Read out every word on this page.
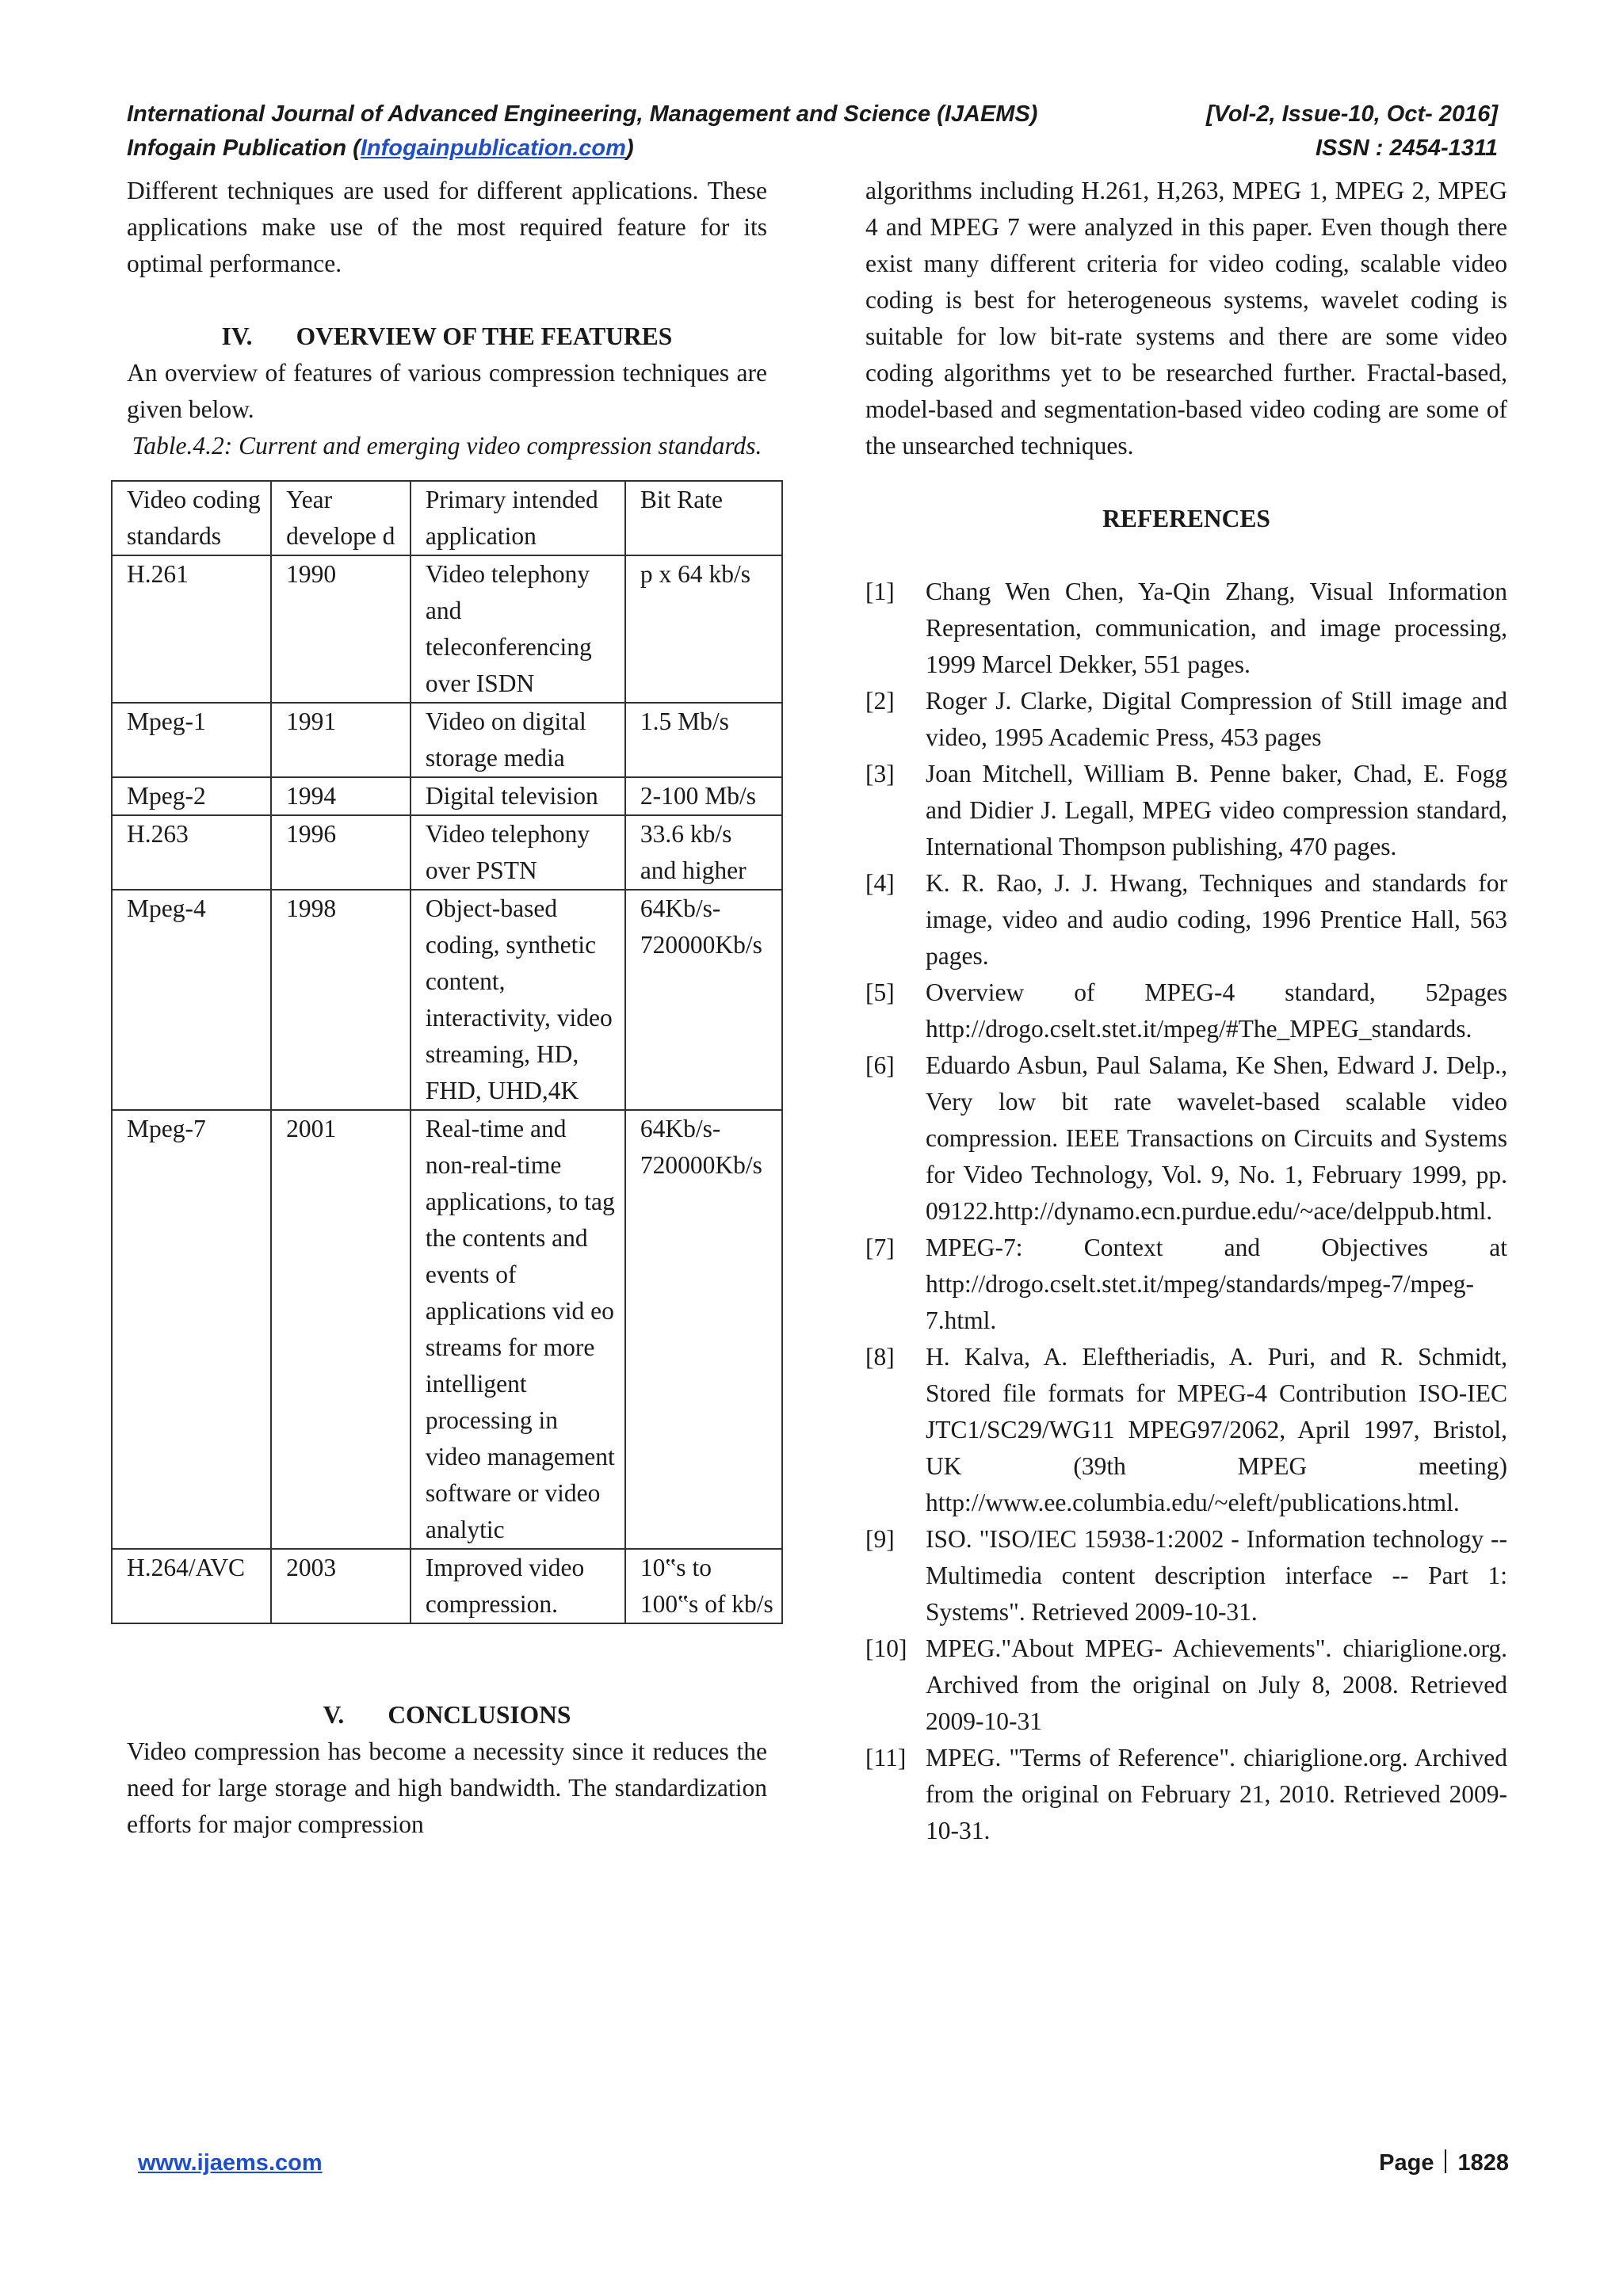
International Journal of Advanced Engineering, Management and Science (IJAEMS)	[Vol-2, Issue-10, Oct- 2016]
Infogain Publication (Infogainpublication.com)	ISSN : 2454-1311

Different techniques are used for different applications. These applications make use of the most required feature for its optimal performance.

IV.       OVERVIEW OF THE FEATURES

An overview of features of various compression techniques are given below.

Table.4.2: Current and emerging video compression standards.

Video coding standards	Year develope d	Primary intended application	Bit Rate
H.261	1990	Video telephony and teleconferencing over ISDN	p x 64 kb/s
Mpeg-1	1991	Video on digital storage media	1.5 Mb/s
Mpeg-2	1994	Digital television	2-100 Mb/s
H.263	1996	Video telephony over PSTN	33.6 kb/s and higher
Mpeg-4	1998	Object-based coding, synthetic content, interactivity, video streaming, HD, FHD, UHD,4K	64Kb/s-720000Kb/s
Mpeg-7	2001	Real-time and non-real-time applications, to tag the contents and events of applications vid eo streams for more intelligent processing in video management software or video analytic	64Kb/s-720000Kb/s
H.264/AVC	2003	Improved video compression.	10‟s to 100‟s of kb/s

V.       CONCLUSIONS

Video compression has become a necessity since it reduces the need for large storage and high bandwidth. The standardization efforts for major compression

algorithms including H.261, H,263, MPEG 1, MPEG 2, MPEG 4 and MPEG 7 were analyzed in this paper. Even though there exist many different criteria for video coding, scalable video coding is best for heterogeneous systems, wavelet coding is suitable for low bit-rate systems and there are some video coding algorithms yet to be researched further. Fractal-based, model-based and segmentation-based video coding are some of the unsearched techniques.

REFERENCES

[1] Chang Wen Chen, Ya-Qin Zhang, Visual Information Representation, communication, and image processing, 1999 Marcel Dekker, 551 pages.
[2] Roger J. Clarke, Digital Compression of Still image and video, 1995 Academic Press, 453 pages
[3] Joan Mitchell, William B. Penne baker, Chad, E. Fogg and Didier J. Legall, MPEG video compression standard, International Thompson publishing, 470 pages.
[4] K. R. Rao, J. J. Hwang, Techniques and standards for image, video and audio coding, 1996 Prentice Hall, 563 pages.
[5] Overview of MPEG-4 standard, 52pages http://drogo.cselt.stet.it/mpeg/#The_MPEG_standards.
[6] Eduardo Asbun, Paul Salama, Ke Shen, Edward J. Delp., Very low bit rate wavelet-based scalable video compression. IEEE Transactions on Circuits and Systems for Video Technology, Vol. 9, No. 1, February 1999, pp. 09122.http://dynamo.ecn.purdue.edu/~ace/delppub.html.
[7] MPEG-7: Context and Objectives at http://drogo.cselt.stet.it/mpeg/standards/mpeg-7/mpeg-7.html.
[8] H. Kalva, A. Eleftheriadis, A. Puri, and R. Schmidt, Stored file formats for MPEG-4 Contribution ISO-IEC JTC1/SC29/WG11 MPEG97/2062, April 1997, Bristol, UK (39th MPEG meeting) http://www.ee.columbia.edu/~eleft/publications.html.
[9] ISO. "ISO/IEC 15938-1:2002 - Information technology -- Multimedia content description interface -- Part 1: Systems". Retrieved 2009-10-31.
[10] MPEG."About MPEG- Achievements". chiariglione.org. Archived from the original on July 8, 2008. Retrieved 2009-10-31
[11] MPEG. "Terms of Reference". chiariglione.org. Archived from the original on February 21, 2010. Retrieved 2009-10-31.
www.ijaems.com	Page 1828
